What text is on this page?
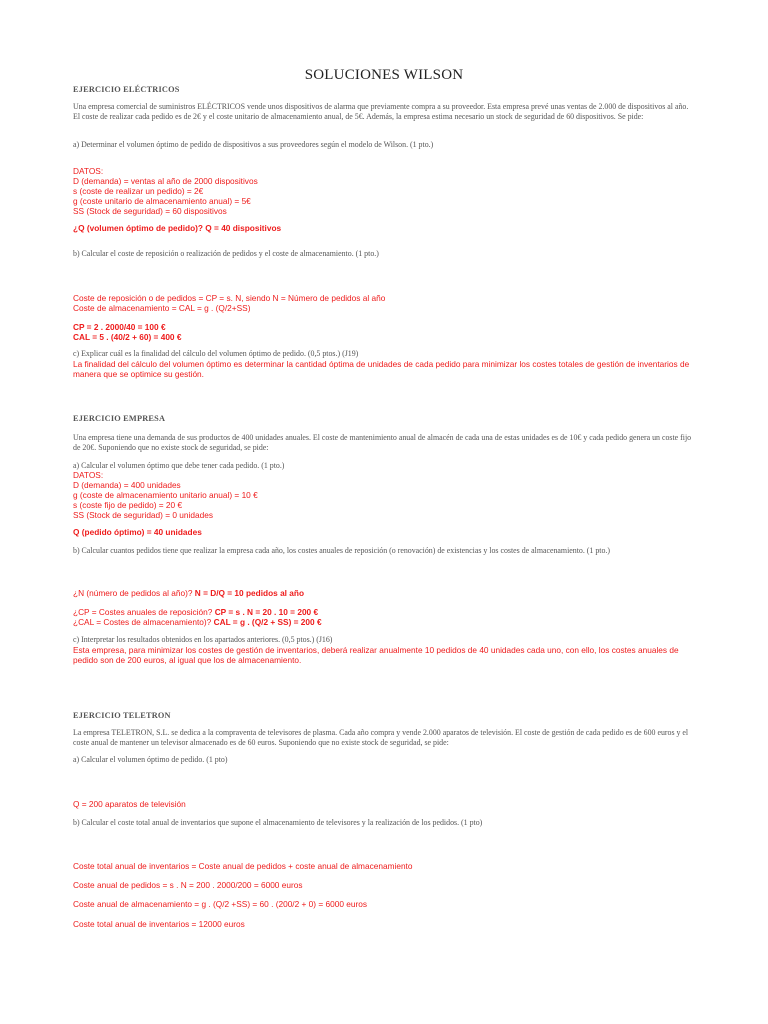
SOLUCIONES WILSON
EJERCICIO ELÉCTRICOS
Una empresa comercial de suministros ELÉCTRICOS vende unos dispositivos de alarma que previamente compra a su proveedor. Esta empresa prevé unas ventas de 2.000 de dispositivos al año. El coste de realizar cada pedido es de 2€ y el coste unitario de almacenamiento anual, de 5€. Además, la empresa estima necesario un stock de seguridad de 60 dispositivos. Se pide:
a) Determinar el volumen óptimo de pedido de dispositivos a sus proveedores según el modelo de Wilson. (1 pto.)
DATOS:
D (demanda) = ventas al año de 2000 dispositivos
s (coste de realizar un pedido) = 2€
g (coste unitario de almacenamiento anual) = 5€
SS (Stock de seguridad) = 60 dispositivos
¿Q (volumen óptimo de pedido)? Q = 40 dispositivos
b) Calcular el coste de reposición o realización de pedidos y el coste de almacenamiento. (1 pto.)
Coste de reposición o de pedidos = CP = s. N, siendo N = Número de pedidos al año
Coste de almacenamiento = CAL = g . (Q/2+SS)
CP = 2 . 2000/40 = 100 €
CAL = 5 . (40/2 + 60) = 400 €
c) Explicar cuál es la finalidad del cálculo del volumen óptimo de pedido. (0,5 ptos.) (J19)
La finalidad del cálculo del volumen óptimo es determinar la cantidad óptima de unidades de cada pedido para minimizar los costes totales de gestión de inventarios de manera que se optimice su gestión.
EJERCICIO EMPRESA
Una empresa tiene una demanda de sus productos de 400 unidades anuales. El coste de mantenimiento anual de almacén de cada una de estas unidades es de 10€ y cada pedido genera un coste fijo de 20€. Suponiendo que no existe stock de seguridad, se pide:
a) Calcular el volumen óptimo que debe tener cada pedido. (1 pto.)
DATOS:
D (demanda) = 400 unidades
g (coste de almacenamiento unitario anual) = 10 €
s (coste fijo de pedido) = 20 €
SS (Stock de seguridad) = 0 unidades
Q (pedido óptimo) = 40 unidades
b) Calcular cuantos pedidos tiene que realizar la empresa cada año, los costes anuales de reposición (o renovación) de existencias y los costes de almacenamiento. (1 pto.)
¿N (número de pedidos al año)? N = D/Q = 10 pedidos al año
¿CP = Costes anuales de reposición? CP = s . N = 20 . 10 = 200 €
¿CAL = Costes de almacenamiento)? CAL = g . (Q/2 + SS) = 200 €
c) Interpretar los resultados obtenidos en los apartados anteriores. (0,5 ptos.) (J16)
Esta empresa, para minimizar los costes de gestión de inventarios, deberá realizar anualmente 10 pedidos de 40 unidades cada uno, con ello, los costes anuales de pedido son de 200 euros, al igual que los de almacenamiento.
EJERCICIO TELETRON
La empresa TELETRON, S.L. se dedica a la compraventa de televisores de plasma. Cada año compra y vende 2.000 aparatos de televisión. El coste de gestión de cada pedido es de 600 euros y el coste anual de mantener un televisor almacenado es de 60 euros. Suponiendo que no existe stock de seguridad, se pide:
a) Calcular el volumen óptimo de pedido. (1 pto)
Q = 200 aparatos de televisión
b) Calcular el coste total anual de inventarios que supone el almacenamiento de televisores y la realización de los pedidos. (1 pto)
Coste total anual de inventarios = Coste anual de pedidos + coste anual de almacenamiento
Coste anual de pedidos = s . N = 200 . 2000/200 = 6000 euros
Coste anual de almacenamiento = g . (Q/2 +SS) = 60 . (200/2 + 0) = 6000 euros
Coste total anual de inventarios = 12000 euros
